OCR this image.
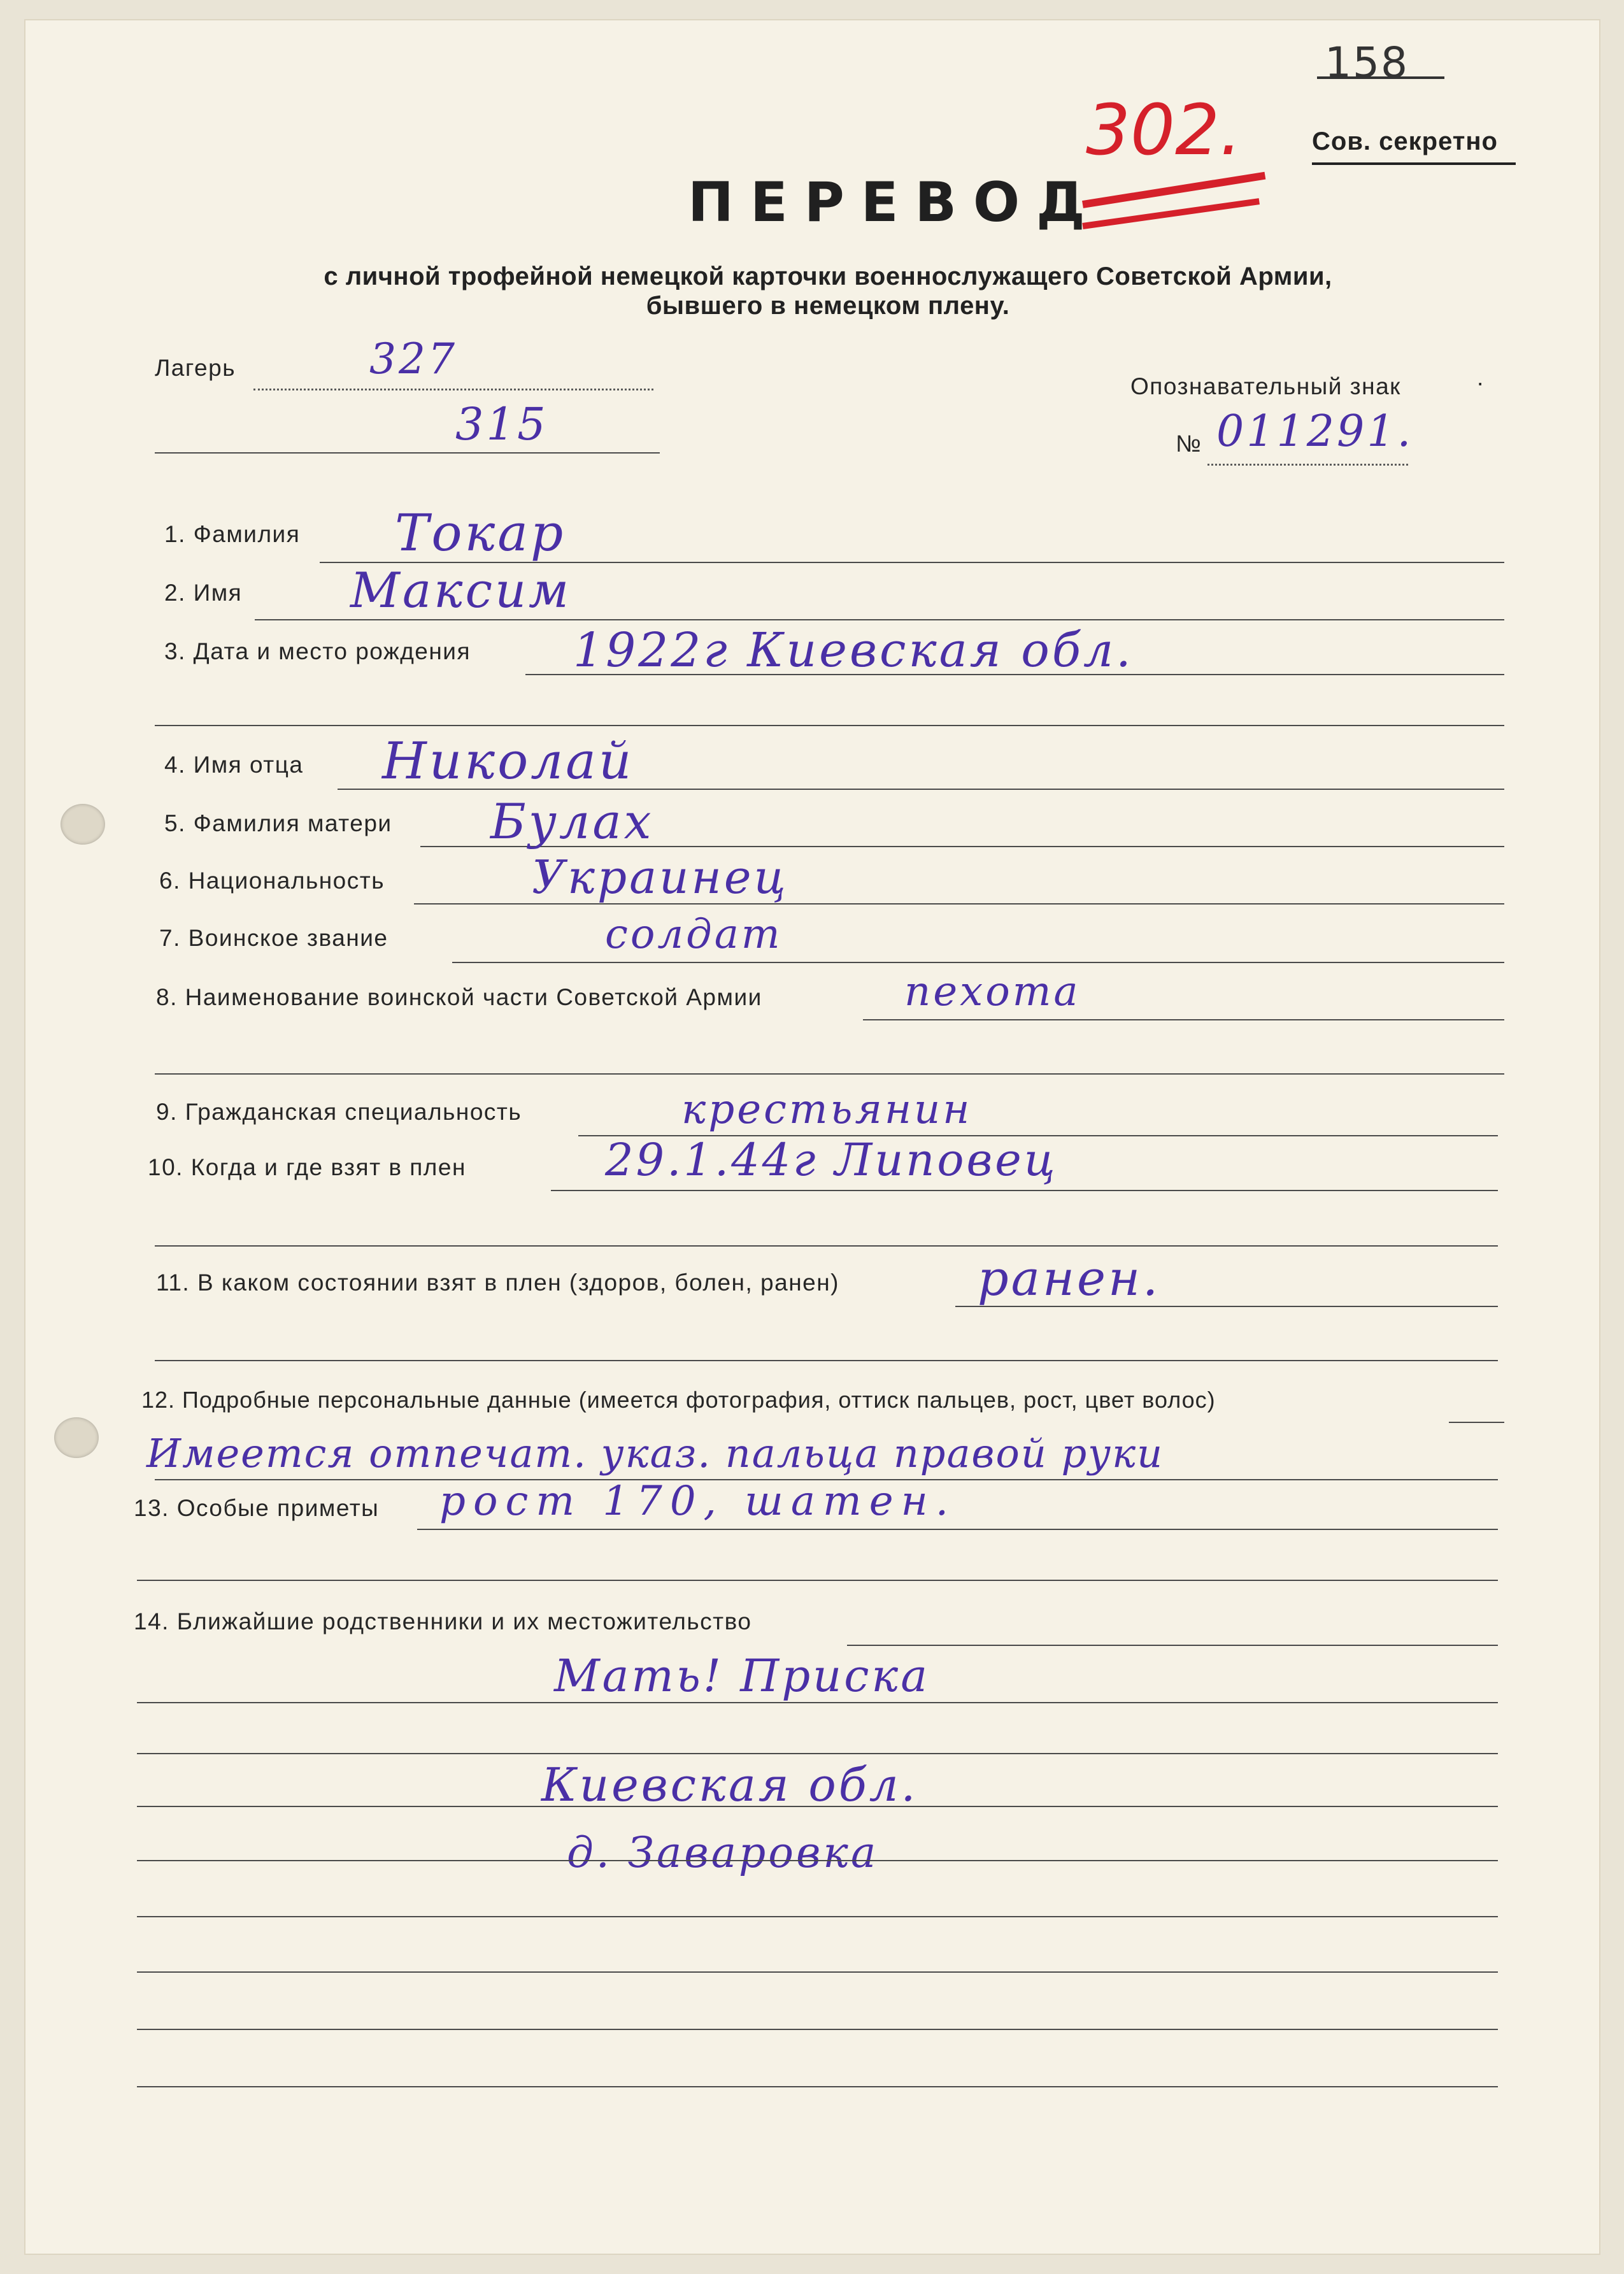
158
302.	Сов. секретно
ПЕРЕВОД
с личной трофейной немецкой карточки военнослужащего Советской Армии,
бывшего в немецком плену.
Лагерь	327
315
Опознавательный знак	·
№ 011291.
1. Фамилия Токар
2. Имя Максим
3. Дата и место рождения 1922г Киевская обл.
4. Имя отца Николай
5. Фамилия матери Булах
6. Национальность	Украинец
7. Воинское звание	солдат
8. Наименование воинской части Советской Армии	пехота
9. Гражданская специальность	крестьянин
10. Когда и где взят в плен	29.1.44г Липовец
11. В каком состоянии взят в плен (здоров, болен, ранен)	ранен.
12. Подробные персональные данные (имеется фотография, оттиск пальцев, рост, цвет волос)
Имеется отпечат. указ. пальца правой руки
13. Особые приметы рост 170, шатен.
14. Ближайшие родственники и их местожительство
Мать! Приска
Киевская обл.
д. Заваровка
